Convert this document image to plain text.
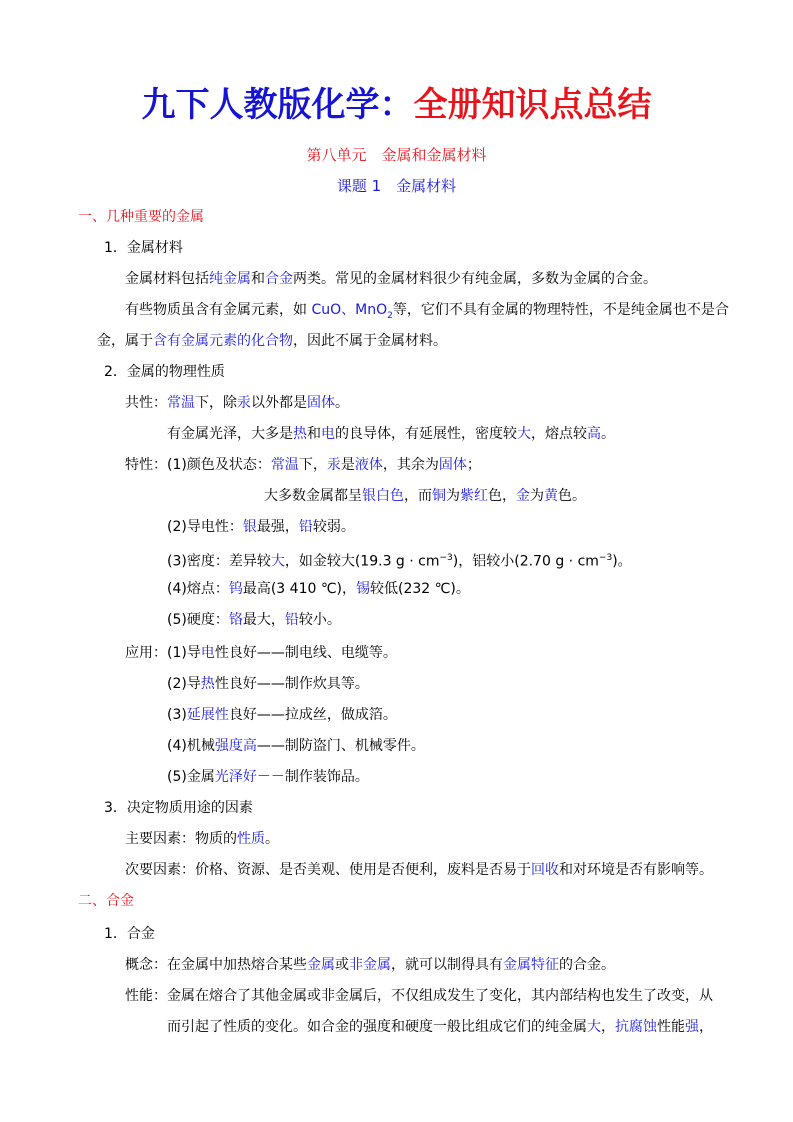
九下人教版化学：全册知识点总结
第八单元　金属和金属材料
课题 1　金属材料
一、几种重要的金属
1．金属材料
金属材料包括纯金属和合金两类。常见的金属材料很少有纯金属，多数为金属的合金。
有些物质虽含有金属元素，如 CuO、MnO$_2$等，它们不具有金属的物理特性，不是纯金属也不是合
金，属于含有金属元素的化合物，因此不属于金属材料。
2．金属的物理性质
共性：常温下，除汞以外都是固体。
有金属光泽，大多是热和电的良导体，有延展性，密度较大，熔点较高。
特性：(1)颜色及状态：常温下，汞是液体，其余为固体；
大多数金属都呈银白色，而铜为紫红色，金为黄色。
(2)导电性：银最强，铅较弱。
(3)密度：差异较大，如金较大(19.3 $g \cdot cm^{-3}$)，铝较小(2.70 $g \cdot cm^{-3}$)。
(4)熔点：钨最高(3 410 ℃)，锡较低(232 ℃)。
(5)硬度：铬最大，铅较小。
应用：(1)导电性良好——制电线、电缆等。
(2)导热性良好——制作炊具等。
(3)延展性良好——拉成丝，做成箔。
(4)机械强度高——制防盗门、机械零件。
(5)金属光泽好－－制作装饰品。
3．决定物质用途的因素
主要因素：物质的性质。
次要因素：价格、资源、是否美观、使用是否便利，废料是否易于回收和对环境是否有影响等。
二、合金
1．合金
概念：在金属中加热熔合某些金属或非金属，就可以制得具有金属特征的合金。
性能：金属在熔合了其他金属或非金属后，不仅组成发生了变化，其内部结构也发生了改变，从
而引起了性质的变化。如合金的强度和硬度一般比组成它们的纯金属大，抗腐蚀性能强，
